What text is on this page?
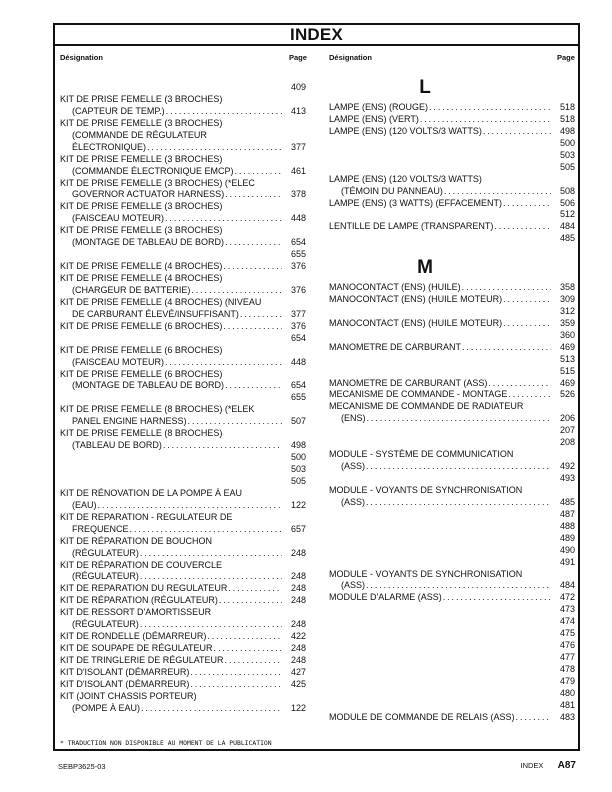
INDEX
Désignation	Page	Désignation	Page
409
KIT DE PRISE FEMELLE (3 BROCHES)
(CAPTEUR DE TEMP.) . . .	413
KIT DE PRISE FEMELLE (3 BROCHES)
(COMMANDE DE RÉGULATEUR
ÉLECTRONIQUE) . . .	377
KIT DE PRISE FEMELLE (3 BROCHES)
(COMMANDE ÉLECTRONIQUE EMCP) . . .	461
KIT DE PRISE FEMELLE (3 BROCHES) (*ELEC
GOVERNOR ACTUATOR HARNESS) . . .	378
KIT DE PRISE FEMELLE (3 BROCHES)
(FAISCEAU MOTEUR) . . .	448
KIT DE PRISE FEMELLE (3 BROCHES)
(MONTAGE DE TABLEAU DE BORD) . . .	654
655
KIT DE PRISE FEMELLE (4 BROCHES) . . .	376
KIT DE PRISE FEMELLE (4 BROCHES)
(CHARGEUR DE BATTERIE) . . .	376
KIT DE PRISE FEMELLE (4 BROCHES) (NIVEAU
DE CARBURANT ÉLEVÉ/INSUFFISANT) . . .	377
KIT DE PRISE FEMELLE (6 BROCHES) . . .	376
654
KIT DE PRISE FEMELLE (6 BROCHES)
(FAISCEAU MOTEUR) . . .	448
KIT DE PRISE FEMELLE (6 BROCHES)
(MONTAGE DE TABLEAU DE BORD) . . .	654
655
KIT DE PRISE FEMELLE (8 BROCHES) (*ELEK
PANEL ENGINE HARNESS) . . .	507
KIT DE PRISE FEMELLE (8 BROCHES)
(TABLEAU DE BORD) . . .	498
500
503
505
KIT DE RÉNOVATION DE LA POMPE À EAU
(EAU) . . .	122
KIT DE REPARATION - REGULATEUR DE
FREQUENCE . . .	657
KIT DE RÉPARATION DE BOUCHON
(RÉGULATEUR) . . .	248
KIT DE RÉPARATION DE COUVERCLE
(RÉGULATEUR) . . .	248
KIT DE REPARATION DU REGULATEUR . . .	248
KIT DE RÉPARATION (RÉGULATEUR) . . .	248
KIT DE RESSORT D'AMORTISSEUR
(RÉGULATEUR) . . .	248
KIT DE RONDELLE (DÉMARREUR) . . .	422
KIT DE SOUPAPE DE RÉGULATEUR . . .	248
KIT DE TRINGLERIE DE RÉGULATEUR . . .	248
KIT D'ISOLANT (DÉMARREUR) . . .	427
KIT D'ISOLANT (DÉMARREUR) . . .	425
KIT (JOINT CHASSIS PORTEUR)
(POMPE À EAU) . . .	122
L
LAMPE (ENS) (ROUGE) . . .	518
LAMPE (ENS) (VERT) . . .	518
LAMPE (ENS) (120 VOLTS/3 WATTS) . . .	498
500
503
505
LAMPE (ENS) (120 VOLTS/3 WATTS)
(TÉMOIN DU PANNEAU) . . .	508
LAMPE (ENS) (3 WATTS) (EFFACEMENT) . . .	506
512
LENTILLE DE LAMPE (TRANSPARENT) . . .	484
485
M
MANOCONTACT (ENS) (HUILE) . . .	358
MANOCONTACT (ENS) (HUILE MOTEUR) . . .	309
312
MANOCONTACT (ENS) (HUILE MOTEUR) . . .	359
360
MANOMETRE DE CARBURANT . . .	469
513
515
MANOMETRE DE CARBURANT (ASS) . . .	469
MECANISME DE COMMANDE - MONTAGE . . .	526
MECANISME DE COMMANDE DE RADIATEUR
(ENS) . . .	206
207
208
MODULE - SYSTÈME DE COMMUNICATION
(ASS) . . .	492
493
MODULE - VOYANTS DE SYNCHRONISATION
(ASS) . . .	485
487
488
489
490
491
MODULE - VOYANTS DE SYNCHRONISATION
(ASS) . . .	484
MODULE D'ALARME (ASS) . . .	472
473
474
475
476
477
478
479
480
481
MODULE DE COMMANDE DE RELAIS (ASS) . . .	483
* TRADUCTION NON DISPONIBLE AU MOMENT DE LA PUBLICATION
SEBP3625-03	INDEX A87
